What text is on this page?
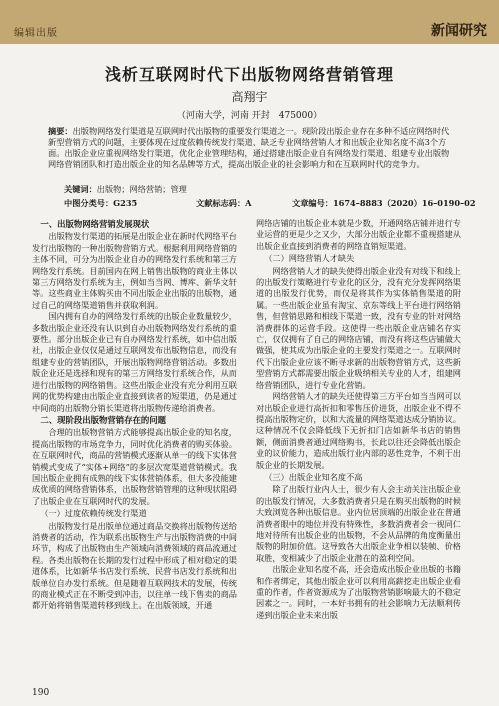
编辑出版	新闻研究
浅析互联网时代下出版物网络营销管理
高翔宇
（河南大学，河南 开封　475000）
摘要：出版物网络发行渠道是互联网时代出版物的重要发行渠道之一。现阶段出版企业存在多种不适应网络时代新型营销方式的问题，主要体现在过度依赖传统发行渠道、缺乏专业网络营销人才和出版企业知名度不高3个方面。出版企业应重视网络发行渠道，优化企业管理结构，通过搭建出版企业自有网络发行渠道、组建专业出版物网络营销团队和打造出版企业的知名品牌等方式，提高出版企业的社会影响力和在互联网时代的竞争力。
关键词：出版物；网络营销；管理
中图分类号：G235	文献标志码：A	文章编号：1674–8883（2020）16–0190–02
一、出版物网络营销发展现状

出版物发行渠道的拓展是出版企业在新时代网络平台发行出版物的一种出版物营销方式。根据利用网络营销的主体不同，可分为出版企业自办的网络发行系统和第三方网络发行系统。目前国内在网上销售出版物的商业主体以第三方网络发行系统为主，例如当当网、博库、新华文轩等。这些商业主体购买由不同出版企业出版的出版物，通过自己的网络渠道销售并获取利润。

国内拥有自办的网络发行系统的出版企业数量较少，多数出版企业还没有认识到自办出版物网络发行系统的重要性。部分出版企业已有自办网络发行系统，如中信出版社，出版企业仅仅是通过互联网发布出版物信息，而没有组建专业的营销团队，开展出版物网络营销活动。多数出版企业还是选择和现有的第三方网络发行系统合作，从而进行出版物的网络销售。这些出版企业没有充分利用互联网的优势构建由出版企业直接到读者的短渠道，仍是通过中间商的出版物分销长渠道将出版物传递给消费者。

二、现阶段出版物营销存在的问题

合理的出版物营销方式能够提高出版企业的知名度，提高出版物的市场竞争力，同时优化消费者的购买体验。在互联网时代，商品的营销模式逐渐从单一的线下实体营销模式变成了“实体+网络”的多层次宽渠道营销模式。我国出版企业拥有成熟的线下实体营销体系，但大多没能建成优质的网络营销体系，出版物营销管理的这种现状阻碍了出版企业在互联网时代的发展。

（一）过度依赖传统发行渠道

出版物发行是出版单位通过商品交换将出版物传送给消费者的活动，作为联系出版物生产与出版物消费的中间环节，构成了出版物由生产领域向消费领域的商品流通过程。各类出版物在长期的发行过程中形成了相对稳定的渠道体系，比如新华书店发行系统、民营书店发行系统和出版单位自办发行系统。但是随着互联网技术的发展，传统的商业模式正在不断受到冲击，以往单一线下售卖的商品都开始将销售渠道转移到线上。在出版领域，开通

网络店铺的出版企业本就是少数，开通网络店铺并进行专业运营的更是少之又少，大部分出版企业都不重视搭建从出版企业直接到消费者的网络直销短渠道。

（二）网络营销人才缺失

网络营销人才的缺失使得出版企业没有对线下和线上的出版发行策略进行专业化的区分，没有充分发挥网络渠道的出版发行优势，而仅是将其作为实体销售渠道的附属。一些出版企业虽有淘宝、京东等线上平台进行网络销售，但营销思路和相线下渠道一致，没有专业的针对网络消费群体的运营手段。这使得一些出版企业店铺名存实亡，仅仅拥有了自己的网络店铺，而没有将这些店铺做大做强，使其成为出版企业的主要发行渠道之一。互联网时代下出版企业应该不断寻求新的出版物营销方式，这些新型营销方式都需要出版企业吸纳相关专业的人才，组建网络营销团队，进行专业化营销。

网络营销人才的缺失还使得第三方平台如当当网可以对出版企业进行高折扣和零售压价进货，出版企业不得不提高出版物定价，以和大流量的网络渠道达成分销协议。这种情况不仅会降低线下无折扣门店如新华书店的销售额，侧面消费者通过网络购书，长此以往还会降低出版企业的议价能力，造成出版行业内部的恶性竞争，不利于出版企业的长期发展。

（三）出版企业知名度不高

除了出版行业内人士，很少有人会主动关注出版企业的出版发行情况，大多数消费者只是在购买出版物的时候大致浏览各种出版信息。业内位居顶端的出版企业在普通消费者眼中的地位并没有特殊性，多数消费者会一视同仁地对待所有出版企业的出版物，不会从品牌的角度衡量出版物的附加价值。这导致各大出版企业争相以装帧、价格取胜，变相减少了出版企业潜在的盈利空间。

出版企业知名度不高，还会造成出版企业出版的书籍和作者绑定，其他出版企业可以利用高薪挖走出版企业看重的作者，作者资源成为了出版物营销影响最大的不稳定因素之一。同时，一本好书拥有的社会影响力无法顺利传递到出版企业未来出版

190
